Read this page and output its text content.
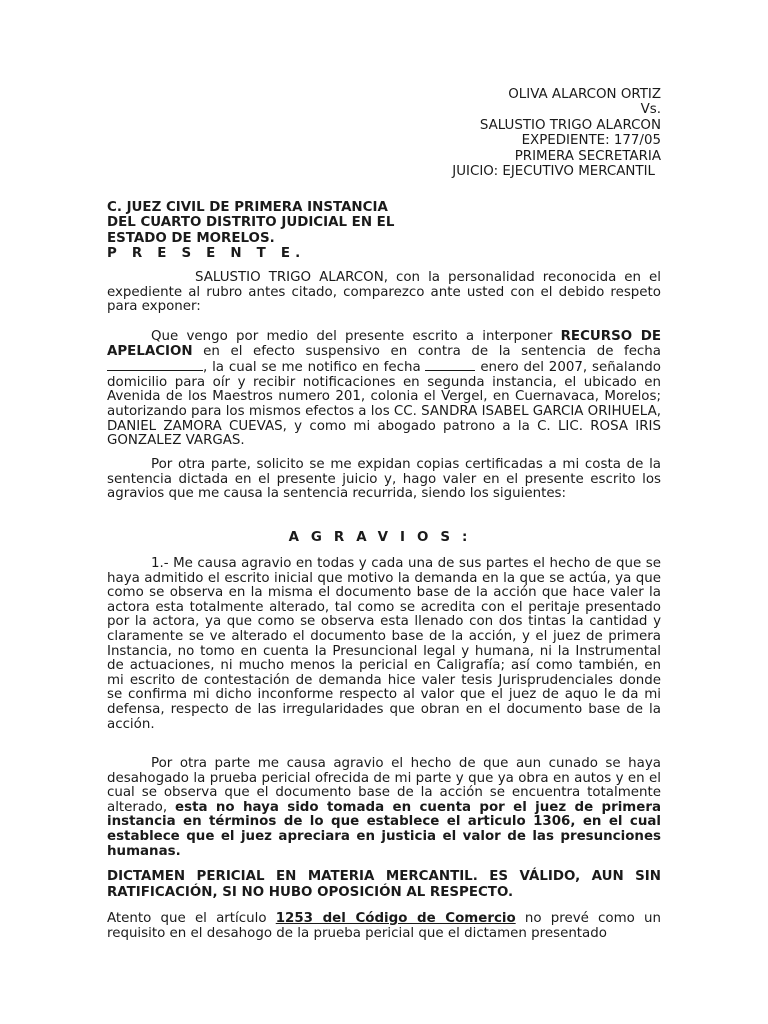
OLIVA ALARCON ORTIZ
Vs.
SALUSTIO TRIGO ALARCON
EXPEDIENTE: 177/05
PRIMERA SECRETARIA
JUICIO: EJECUTIVO MERCANTIL
C. JUEZ CIVIL DE PRIMERA INSTANCIA
DEL CUARTO DISTRITO JUDICIAL EN EL
ESTADO DE MORELOS.
P R E S E N T E.

SALUSTIO TRIGO ALARCON, con la personalidad reconocida en el expediente al rubro antes citado, comparezco ante usted con el debido respeto para exponer:

Que vengo por medio del presente escrito a interponer RECURSO DE APELACION en el efecto suspensivo en contra de la sentencia de fecha, la cual se me notifico en fecha	enero del 2007, señalando domicilio para oír y recibir notificaciones en segunda instancia, el ubicado en Avenida de los Maestros numero 201, colonia el Vergel, en Cuernavaca, Morelos; autorizando para los mismos efectos a los CC. SANDRA ISABEL GARCIA ORIHUELA, DANIEL ZAMORA CUEVAS, y como mi abogado patrono a la C. LIC. ROSA IRIS GONZALEZ VARGAS.

Por otra parte, solicito se me expidan copias certificadas a mi costa de la sentencia dictada en el presente juicio y, hago valer en el presente escrito los agravios que me causa la sentencia recurrida, siendo los siguientes:

AGRAVIOS:

1.- Me causa agravio en todas y cada una de sus partes el hecho de que se haya admitido el escrito inicial que motivo la demanda en la que se actúa, ya que como se observa en la misma el documento base de la acción que hace valer la actora esta totalmente alterado, tal como se acredita con el peritaje presentado por la actora, ya que como se observa esta llenado con dos tintas la cantidad y claramente se ve alterado el documento base de la acción, y el juez de primera Instancia, no tomo en cuenta la Presuncional legal y humana, ni la Instrumental de actuaciones, ni mucho menos la pericial en Caligrafía; así como también, en mi escrito de contestación de demanda hice valer tesis Jurisprudenciales donde se confirma mi dicho inconforme respecto al valor que el juez de aquo le da mi defensa, respecto de las irregularidades que obran en el documento base de la acción.

Por otra parte me causa agravio el hecho de que aun cunado se haya desahogado la prueba pericial ofrecida de mi parte y que ya obra en autos y en el cual se observa que el documento base de la acción se encuentra totalmente alterado, esta no haya sido tomada en cuenta por el juez de primera instancia en términos de lo que establece el articulo 1306, en el cual establece que el juez apreciara en justicia el valor de las presunciones humanas.

DICTAMEN PERICIAL EN MATERIA MERCANTIL. ES VÁLIDO, AUN SIN RATIFICACIÓN, SI NO HUBO OPOSICIÓN AL RESPECTO.

Atento que el artículo 1253 del Código de Comercio no prevé como un requisito en el desahogo de la prueba pericial que el dictamen presentado
